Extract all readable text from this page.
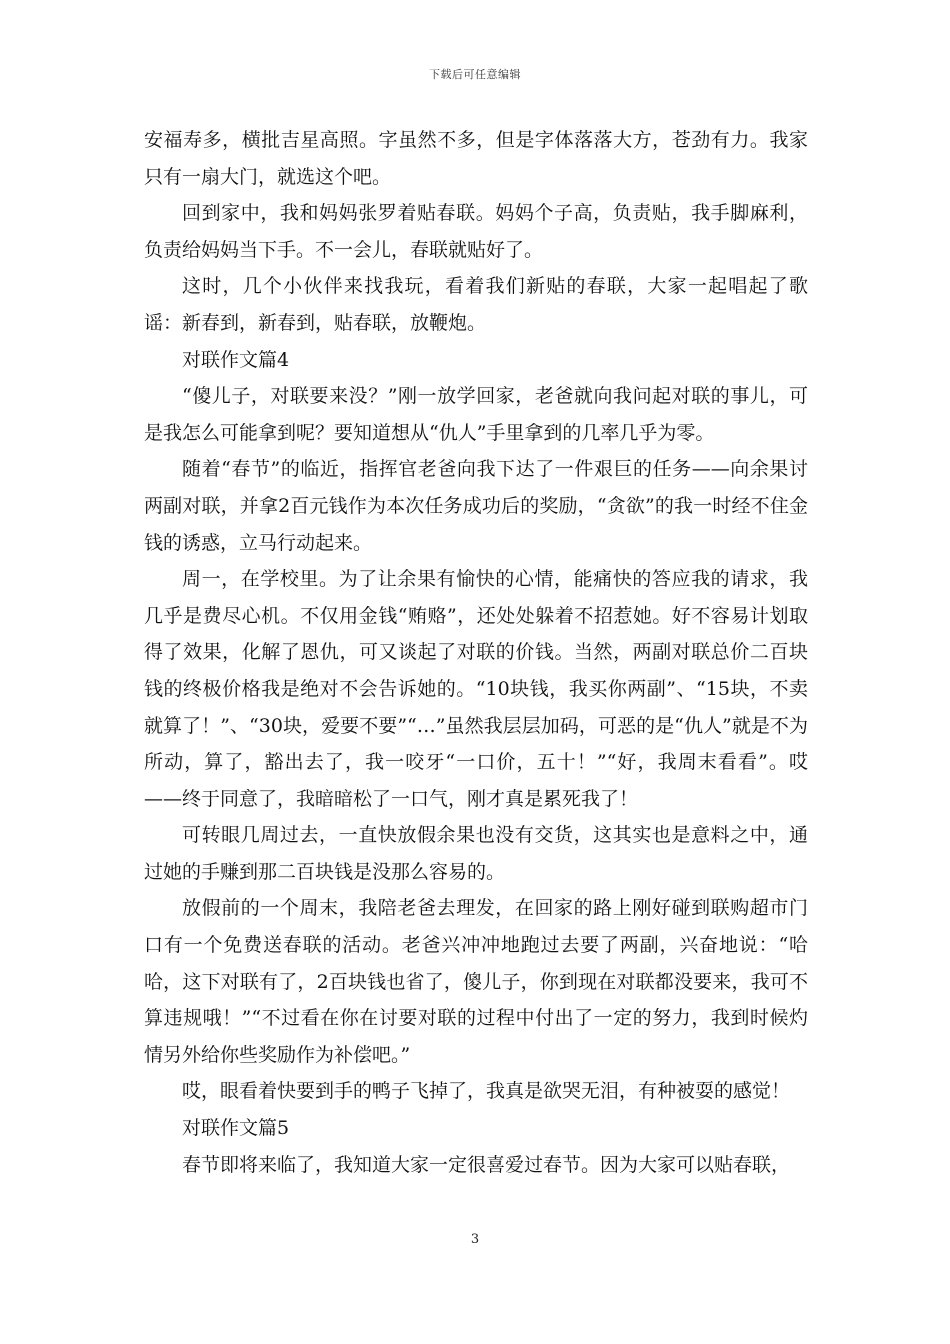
下载后可任意编辑

安福寿多，横批吉星高照。字虽然不多，但是字体落落大方，苍劲有力。我家只有一扇大门，就选这个吧。

回到家中，我和妈妈张罗着贴春联。妈妈个子高，负责贴，我手脚麻利，负责给妈妈当下手。不一会儿，春联就贴好了。

这时，几个小伙伴来找我玩，看着我们新贴的春联，大家一起唱起了歌谣：新春到，新春到，贴春联，放鞭炮。

对联作文篇4

“傻儿子，对联要来没？”刚一放学回家，老爸就向我问起对联的事儿，可是我怎么可能拿到呢？要知道想从“仇人”手里拿到的几率几乎为零。

随着“春节”的临近，指挥官老爸向我下达了一件艰巨的任务——向余果讨两副对联，并拿2百元钱作为本次任务成功后的奖励，“贪欲”的我一时经不住金钱的诱惑，立马行动起来。

周一，在学校里。为了让余果有愉快的心情，能痛快的答应我的请求，我几乎是费尽心机。不仅用金钱“贿赂”，还处处躲着不招惹她。好不容易计划取得了效果，化解了恩仇，可又谈起了对联的价钱。当然，两副对联总价二百块钱的终极价格我是绝对不会告诉她的。“10块钱，我买你两副”、“15块，不卖就算了！”、“30块，爱要不要”“…”虽然我层层加码，可恶的是“仇人”就是不为所动，算了，豁出去了，我一咬牙“一口价，五十！”“好，我周末看看”。哎——终于同意了，我暗暗松了一口气，刚才真是累死我了！

可转眼几周过去，一直快放假余果也没有交货，这其实也是意料之中，通过她的手赚到那二百块钱是没那么容易的。

放假前的一个周末，我陪老爸去理发，在回家的路上刚好碰到联购超市门口有一个免费送春联的活动。老爸兴冲冲地跑过去要了两副，兴奋地说：“哈哈，这下对联有了，2百块钱也省了，傻儿子，你到现在对联都没要来，我可不算违规哦！”“不过看在你在讨要对联的过程中付出了一定的努力，我到时候灼情另外给你些奖励作为补偿吧。”

哎，眼看着快要到手的鸭子飞掉了，我真是欲哭无泪，有种被耍的感觉！

对联作文篇5

春节即将来临了，我知道大家一定很喜爱过春节。因为大家可以贴春联，

3
